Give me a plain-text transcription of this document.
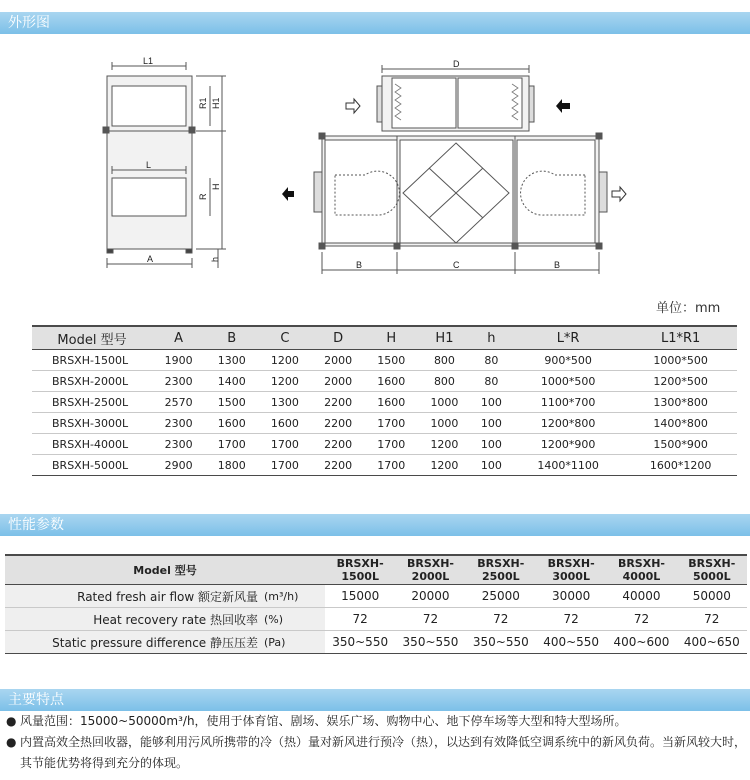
外形图
L1
L
A
R1 H1
R
H
h
D
B	C	B
单位：mm
Model 型号	A	B	C	D	H	H1	h	L*R	L1*R1
BRSXH-1500L	1900	1300	1200	2000	1500	800	80	900*500	1000*500
BRSXH-2000L	2300	1400	1200	2000	1600	800	80	1000*500	1200*500
BRSXH-2500L	2570	1500	1300	2200	1600	1000	100	1100*700	1300*800
BRSXH-3000L	2300	1600	1600	2200	1700	1000	100	1200*800	1400*800
BRSXH-4000L	2300	1700	1700	2200	1700	1200	100	1200*900	1500*900
BRSXH-5000L	2900	1800	1700	2200	1700	1200	100	1400*1100	1600*1200
性能参数
Model 型号		BRSXH-1500L	BRSXH-2000L	BRSXH-2500L	BRSXH-3000L	BRSXH-4000L	BRSXH-5000L
Rated fresh air flow 额定新风量	(m³/h)	15000	20000	25000	30000	40000	50000
Heat recovery rate 热回收率	(%)	72	72	72	72	72	72
Static pressure difference 静压压差	(Pa)	350~550	350~550	350~550	400~550	400~600	400~650
主要特点
● 风量范围：15000~50000m³/h，使用于体育馆、剧场、娱乐广场、购物中心、地下停车场等大型和特大型场所。
● 内置高效全热回收器，能够利用污风所携带的冷（热）量对新风进行预冷（热），以达到有效降低空调系统中的新风负荷。当新风较大时，其节能优势将得到充分的体现。
